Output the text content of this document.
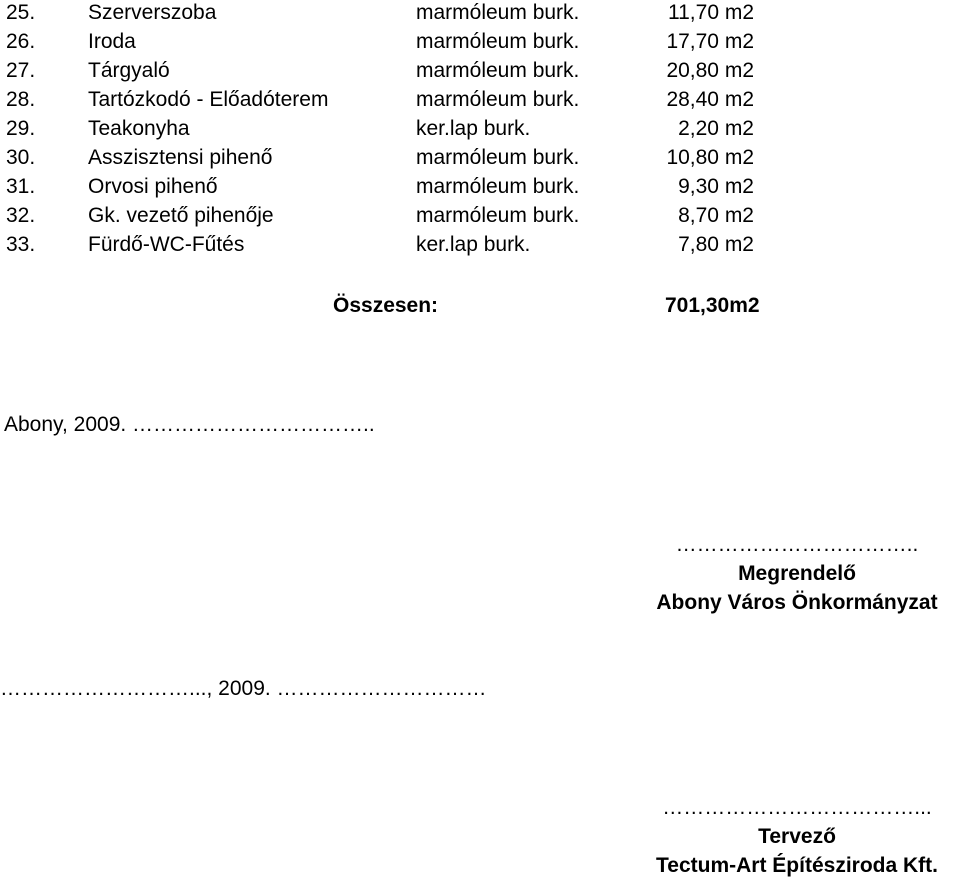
25.	Szerverszoba	marmóleum burk.	11,70 m2
26.	Iroda	marmóleum burk.	17,70 m2
27.	Tárgyaló	marmóleum burk.	20,80 m2
28.	Tartózkodó - Előadóterem	marmóleum burk.	28,40 m2
29.	Teakonyha	ker.lap burk.	2,20 m2
30.	Asszisztensi pihenő	marmóleum burk.	10,80 m2
31.	Orvosi pihenő	marmóleum burk.	9,30 m2
32.	Gk. vezető pihenője	marmóleum burk.	8,70 m2
33.	Fürdő-WC-Fűtés	ker.lap burk.	7,80 m2
Összesen:	701,30m2
Abony, 2009. ……………………………..
……………………………..
Megrendelő
Abony Város Önkormányzat
………………………..., 2009. …………………………
………………………………...
Tervező
Tectum-Art Építésziroda Kft.
